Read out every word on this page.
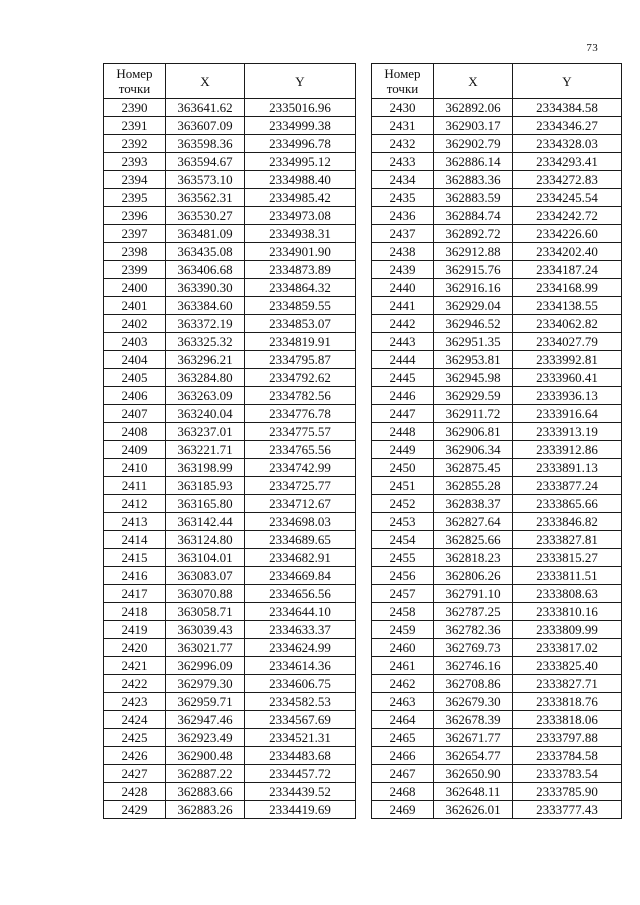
73
Номер
точки	X	Y
2390	363641.62	2335016.96
2391	363607.09	2334999.38
2392	363598.36	2334996.78
2393	363594.67	2334995.12
2394	363573.10	2334988.40
2395	363562.31	2334985.42
2396	363530.27	2334973.08
2397	363481.09	2334938.31
2398	363435.08	2334901.90
2399	363406.68	2334873.89
2400	363390.30	2334864.32
2401	363384.60	2334859.55
2402	363372.19	2334853.07
2403	363325.32	2334819.91
2404	363296.21	2334795.87
2405	363284.80	2334792.62
2406	363263.09	2334782.56
2407	363240.04	2334776.78
2408	363237.01	2334775.57
2409	363221.71	2334765.56
2410	363198.99	2334742.99
2411	363185.93	2334725.77
2412	363165.80	2334712.67
2413	363142.44	2334698.03
2414	363124.80	2334689.65
2415	363104.01	2334682.91
2416	363083.07	2334669.84
2417	363070.88	2334656.56
2418	363058.71	2334644.10
2419	363039.43	2334633.37
2420	363021.77	2334624.99
2421	362996.09	2334614.36
2422	362979.30	2334606.75
2423	362959.71	2334582.53
2424	362947.46	2334567.69
2425	362923.49	2334521.31
2426	362900.48	2334483.68
2427	362887.22	2334457.72
2428	362883.66	2334439.52
2429	362883.26	2334419.69
Номер
точки	X	Y
2430	362892.06	2334384.58
2431	362903.17	2334346.27
2432	362902.79	2334328.03
2433	362886.14	2334293.41
2434	362883.36	2334272.83
2435	362883.59	2334245.54
2436	362884.74	2334242.72
2437	362892.72	2334226.60
2438	362912.88	2334202.40
2439	362915.76	2334187.24
2440	362916.16	2334168.99
2441	362929.04	2334138.55
2442	362946.52	2334062.82
2443	362951.35	2334027.79
2444	362953.81	2333992.81
2445	362945.98	2333960.41
2446	362929.59	2333936.13
2447	362911.72	2333916.64
2448	362906.81	2333913.19
2449	362906.34	2333912.86
2450	362875.45	2333891.13
2451	362855.28	2333877.24
2452	362838.37	2333865.66
2453	362827.64	2333846.82
2454	362825.66	2333827.81
2455	362818.23	2333815.27
2456	362806.26	2333811.51
2457	362791.10	2333808.63
2458	362787.25	2333810.16
2459	362782.36	2333809.99
2460	362769.73	2333817.02
2461	362746.16	2333825.40
2462	362708.86	2333827.71
2463	362679.30	2333818.76
2464	362678.39	2333818.06
2465	362671.77	2333797.88
2466	362654.77	2333784.58
2467	362650.90	2333783.54
2468	362648.11	2333785.90
2469	362626.01	2333777.43
